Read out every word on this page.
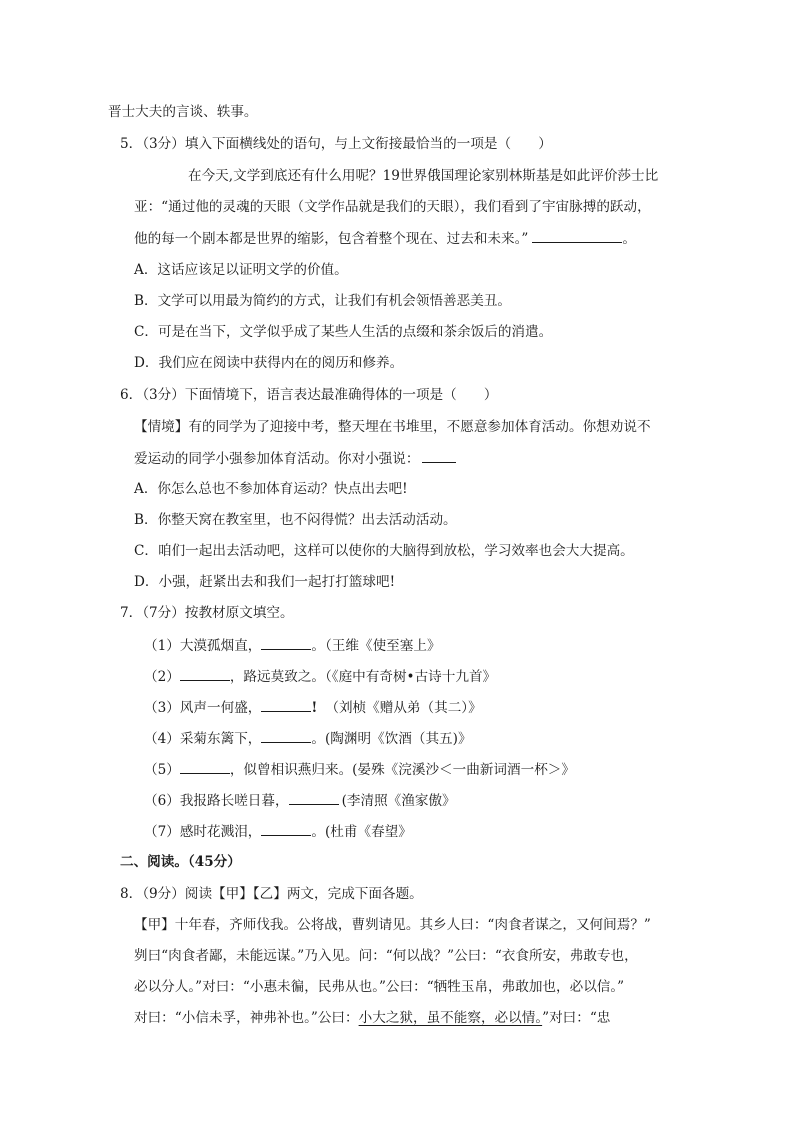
晋士大夫的言谈、轶事。
5．（3分）填入下面横线处的语句，与上文衔接最恰当的一项是（　　）
在今天,文学到底还有什么用呢？19世界俄国理论家别林斯基是如此评价莎士比
亚：“通过他的灵魂的天眼（文学作品就是我们的天眼），我们看到了宇宙脉搏的跃动，
他的每一个剧本都是世界的缩影，包含着整个现在、过去和未来。”	。
A．这话应该足以证明文学的价值。
B．文学可以用最为简约的方式，让我们有机会领悟善恶美丑。
C．可是在当下，文学似乎成了某些人生活的点缀和茶余饭后的消遣。
D．我们应在阅读中获得内在的阅历和修养。
6．（3分）下面情境下，语言表达最准确得体的一项是（　　）
【情境】有的同学为了迎接中考，整天埋在书堆里，不愿意参加体育活动。你想劝说不
爱运动的同学小强参加体育活动。你对小强说：
A．你怎么总也不参加体育运动？快点出去吧!
B．你整天窝在教室里，也不闷得慌？出去活动活动。
C．咱们一起出去活动吧，这样可以使你的大脑得到放松，学习效率也会大大提高。
D．小强，赶紧出去和我们一起打打篮球吧!
7．（7分）按教材原文填空。
（1）大漠孤烟直，	。（王维《使至塞上》
（2）	，路远莫致之。（《庭中有奇树•古诗十九首》
（3）风声一何盛，	! （刘桢《赠从弟（其二）》
（4）采菊东篱下，	。(陶渊明《饮酒（其五)》
（5）	，似曾相识燕归来。(晏殊《浣溪沙＜一曲新词酒一杯＞》
（6）我报路长嗟日暮，	(李清照《渔家傲》
（7）感时花溅泪，	。(杜甫《春望》
二、阅读。（45分）
8．（9分）阅读【甲】【乙】两文，完成下面各题。
【甲】十年春，齐师伐我。公将战，曹刿请见。其乡人曰：“肉食者谋之，又何间焉？”
刿曰“肉食者鄙，未能远谋。”乃入见。问：“何以战？”公曰：“衣食所安，弗敢专也，
必以分人。”对曰：“小惠未徧，民弗从也。”公曰：“牺牲玉帛，弗敢加也，必以信。”
对曰：“小信未孚，神弗补也。”公曰：小大之狱，虽不能察，必以情。”对曰：“忠
